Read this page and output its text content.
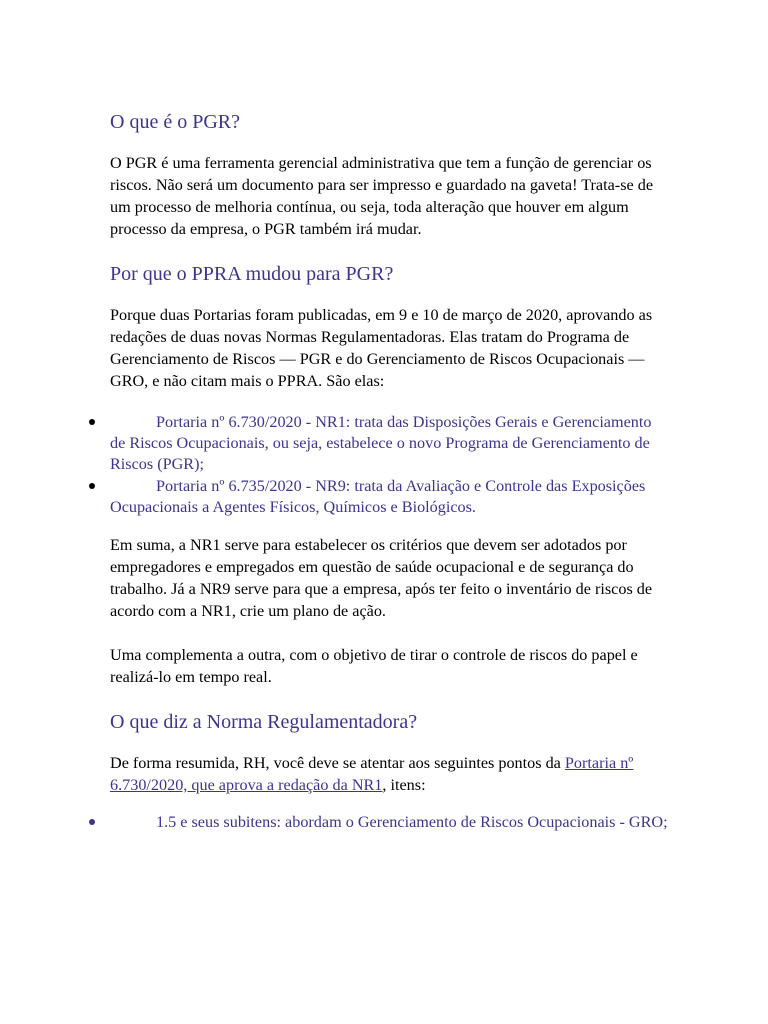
O que é o PGR?

O PGR é uma ferramenta gerencial administrativa que tem a função de gerenciar os riscos. Não será um documento para ser impresso e guardado na gaveta! Trata-se de um processo de melhoria contínua, ou seja, toda alteração que houver em algum processo da empresa, o PGR também irá mudar.

Por que o PPRA mudou para PGR?

Porque duas Portarias foram publicadas, em 9 e 10 de março de 2020, aprovando as redações de duas novas Normas Regulamentadoras. Elas tratam do Programa de Gerenciamento de Riscos — PGR e do Gerenciamento de Riscos Ocupacionais — GRO, e não citam mais o PPRA. São elas:

Portaria nº 6.730/2020 - NR1: trata das Disposições Gerais e Gerenciamento de Riscos Ocupacionais, ou seja, estabelece o novo Programa de Gerenciamento de Riscos (PGR);
Portaria nº 6.735/2020 - NR9: trata da Avaliação e Controle das Exposições Ocupacionais a Agentes Físicos, Químicos e Biológicos.

Em suma, a NR1 serve para estabelecer os critérios que devem ser adotados por empregadores e empregados em questão de saúde ocupacional e de segurança do trabalho. Já a NR9 serve para que a empresa, após ter feito o inventário de riscos de acordo com a NR1, crie um plano de ação.

Uma complementa a outra, com o objetivo de tirar o controle de riscos do papel e realizá-lo em tempo real.

O que diz a Norma Regulamentadora?

De forma resumida, RH, você deve se atentar aos seguintes pontos da Portaria nº 6.730/2020, que aprova a redação da NR1, itens:

1.5 e seus subitens: abordam o Gerenciamento de Riscos Ocupacionais - GRO;
